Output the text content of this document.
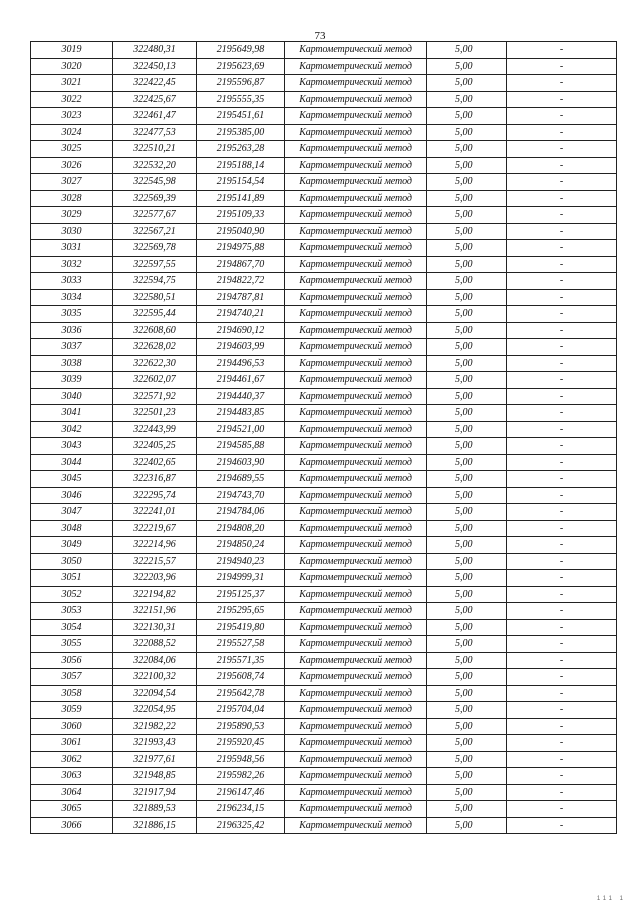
73
3019	322480,31	2195649,98	Картометрический метод	5,00	-
3020	322450,13	2195623,69	Картометрический метод	5,00	-
3021	322422,45	2195596,87	Картометрический метод	5,00	-
3022	322425,67	2195555,35	Картометрический метод	5,00	-
3023	322461,47	2195451,61	Картометрический метод	5,00	-
3024	322477,53	2195385,00	Картометрический метод	5,00	-
3025	322510,21	2195263,28	Картометрический метод	5,00	-
3026	322532,20	2195188,14	Картометрический метод	5,00	-
3027	322545,98	2195154,54	Картометрический метод	5,00	-
3028	322569,39	2195141,89	Картометрический метод	5,00	-
3029	322577,67	2195109,33	Картометрический метод	5,00	-
3030	322567,21	2195040,90	Картометрический метод	5,00	-
3031	322569,78	2194975,88	Картометрический метод	5,00	-
3032	322597,55	2194867,70	Картометрический метод	5,00	-
3033	322594,75	2194822,72	Картометрический метод	5,00	-
3034	322580,51	2194787,81	Картометрический метод	5,00	-
3035	322595,44	2194740,21	Картометрический метод	5,00	-
3036	322608,60	2194690,12	Картометрический метод	5,00	-
3037	322628,02	2194603,99	Картометрический метод	5,00	-
3038	322622,30	2194496,53	Картометрический метод	5,00	-
3039	322602,07	2194461,67	Картометрический метод	5,00	-
3040	322571,92	2194440,37	Картометрический метод	5,00	-
3041	322501,23	2194483,85	Картометрический метод	5,00	-
3042	322443,99	2194521,00	Картометрический метод	5,00	-
3043	322405,25	2194585,88	Картометрический метод	5,00	-
3044	322402,65	2194603,90	Картометрический метод	5,00	-
3045	322316,87	2194689,55	Картометрический метод	5,00	-
3046	322295,74	2194743,70	Картометрический метод	5,00	-
3047	322241,01	2194784,06	Картометрический метод	5,00	-
3048	322219,67	2194808,20	Картометрический метод	5,00	-
3049	322214,96	2194850,24	Картометрический метод	5,00	-
3050	322215,57	2194940,23	Картометрический метод	5,00	-
3051	322203,96	2194999,31	Картометрический метод	5,00	-
3052	322194,82	2195125,37	Картометрический метод	5,00	-
3053	322151,96	2195295,65	Картометрический метод	5,00	-
3054	322130,31	2195419,80	Картометрический метод	5,00	-
3055	322088,52	2195527,58	Картометрический метод	5,00	-
3056	322084,06	2195571,35	Картометрический метод	5,00	-
3057	322100,32	2195608,74	Картометрический метод	5,00	-
3058	322094,54	2195642,78	Картометрический метод	5,00	-
3059	322054,95	2195704,04	Картометрический метод	5,00	-
3060	321982,22	2195890,53	Картометрический метод	5,00	-
3061	321993,43	2195920,45	Картометрический метод	5,00	-
3062	321977,61	2195948,56	Картометрический метод	5,00	-
3063	321948,85	2195982,26	Картометрический метод	5,00	-
3064	321917,94	2196147,46	Картометрический метод	5,00	-
3065	321889,53	2196234,15	Картометрический метод	5,00	-
3066	321886,15	2196325,42	Картометрический метод	5,00	-
111 1
